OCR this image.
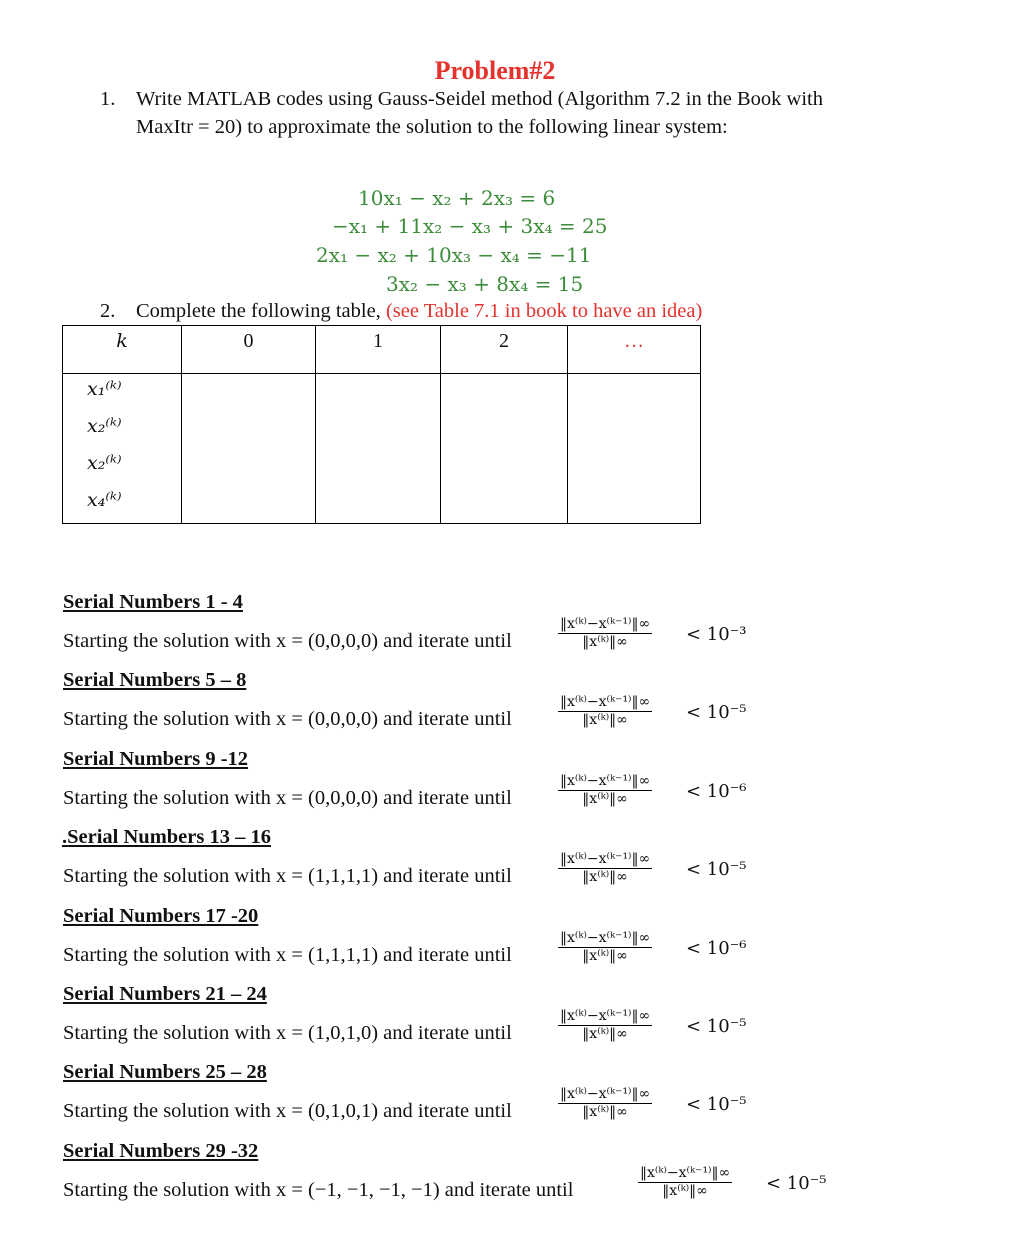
Problem#2
1. Write MATLAB codes using Gauss-Seidel method (Algorithm 7.2 in the Book with
MaxItr = 20) to approximate the solution to the following linear system:
10x₁ − x₂ + 2x₃ = 6
−x₁ + 11x₂ − x₃ + 3x₄ = 25
2x₁ − x₂ + 10x₃ − x₄ = −11
3x₂ − x₃ + 8x₄ = 15
2. Complete the following table, (see Table 7.1 in book to have an idea)
k	0	1	2	…
x₁⁽ᵏ⁾
x₂⁽ᵏ⁾
x₂⁽ᵏ⁾
x₄⁽ᵏ⁾
Serial Numbers 1 - 4
Starting the solution with x = (0,0,0,0) and iterate until	$\frac{\text{‖x⁽ᵏ⁾−x⁽ᵏ⁻¹⁾‖∞}}{\text{‖x⁽ᵏ⁾‖∞}} < 10^{-3}$
Serial Numbers 5 – 8
Starting the solution with x = (0,0,0,0) and iterate until	$\frac{\text{‖x⁽ᵏ⁾−x⁽ᵏ⁻¹⁾‖∞}}{\text{‖x⁽ᵏ⁾‖∞}} < 10^{-5}$
Serial Numbers 9 -12
Starting the solution with x = (0,0,0,0) and iterate until	$\frac{\text{‖x⁽ᵏ⁾−x⁽ᵏ⁻¹⁾‖∞}}{\text{‖x⁽ᵏ⁾‖∞}} < 10^{-6}$
.Serial Numbers 13 – 16
Starting the solution with x = (1,1,1,1) and iterate until	$\frac{\text{‖x⁽ᵏ⁾−x⁽ᵏ⁻¹⁾‖∞}}{\text{‖x⁽ᵏ⁾‖∞}} < 10^{-5}$
Serial Numbers 17 -20
Starting the solution with x = (1,1,1,1) and iterate until	$\frac{\text{‖x⁽ᵏ⁾−x⁽ᵏ⁻¹⁾‖∞}}{\text{‖x⁽ᵏ⁾‖∞}} < 10^{-6}$
Serial Numbers 21 – 24
Starting the solution with x = (1,0,1,0) and iterate until	$\frac{\text{‖x⁽ᵏ⁾−x⁽ᵏ⁻¹⁾‖∞}}{\text{‖x⁽ᵏ⁾‖∞}} < 10^{-5}$
Serial Numbers 25 – 28
Starting the solution with x = (0,1,0,1) and iterate until	$\frac{\text{‖x⁽ᵏ⁾−x⁽ᵏ⁻¹⁾‖∞}}{\text{‖x⁽ᵏ⁾‖∞}} < 10^{-5}$
Serial Numbers 29 -32
Starting the solution with x = (−1, −1, −1, −1) and iterate until	$\frac{\text{‖x⁽ᵏ⁾−x⁽ᵏ⁻¹⁾‖∞}}{\text{‖x⁽ᵏ⁾‖∞}} < 10^{-5}$
